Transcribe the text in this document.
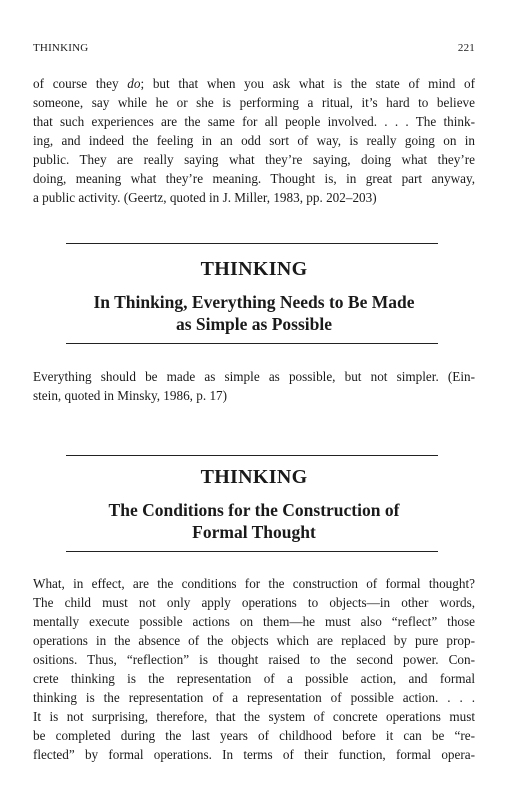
THINKING	221
of course they do; but that when you ask what is the state of mind of
someone, say while he or she is performing a ritual, it’s hard to believe
that such experiences are the same for all people involved. . . . The think-
ing, and indeed the feeling in an odd sort of way, is really going on in
public. They are really saying what they’re saying, doing what they’re
doing, meaning what they’re meaning. Thought is, in great part anyway,
a public activity. (Geertz, quoted in J. Miller, 1983, pp. 202–203)
THINKING
In Thinking, Everything Needs to Be Made
as Simple as Possible
Everything should be made as simple as possible, but not simpler. (Ein-
stein, quoted in Minsky, 1986, p. 17)
THINKING
The Conditions for the Construction of
Formal Thought
What, in effect, are the conditions for the construction of formal thought?
The child must not only apply operations to objects—in other words,
mentally execute possible actions on them—he must also “reflect” those
operations in the absence of the objects which are replaced by pure prop-
ositions. Thus, “reflection” is thought raised to the second power. Con-
crete thinking is the representation of a possible action, and formal
thinking is the representation of a representation of possible action. . . .
It is not surprising, therefore, that the system of concrete operations must
be completed during the last years of childhood before it can be “re-
flected” by formal operations. In terms of their function, formal opera-
